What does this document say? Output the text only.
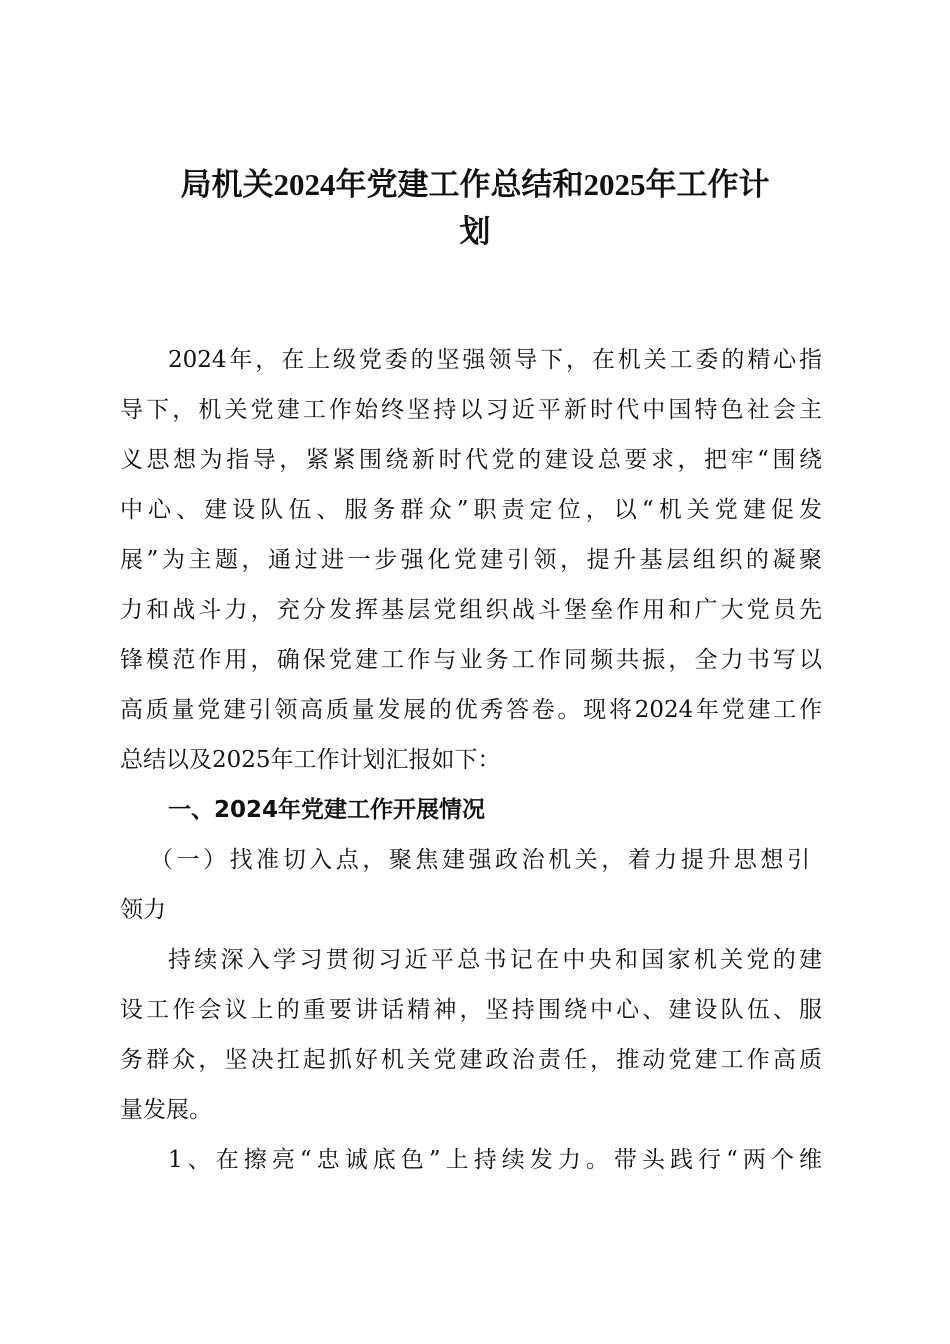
局机关2024年党建工作总结和2025年工作计
划
2024年，在上级党委的坚强领导下，在机关工委的精心指
导下，机关党建工作始终坚持以习近平新时代中国特色社会主
义思想为指导，紧紧围绕新时代党的建设总要求，把牢“围绕
中心、建设队伍、服务群众”职责定位，以“机关党建促发
展”为主题，通过进一步强化党建引领，提升基层组织的凝聚
力和战斗力，充分发挥基层党组织战斗堡垒作用和广大党员先
锋模范作用，确保党建工作与业务工作同频共振，全力书写以
高质量党建引领高质量发展的优秀答卷。现将2024年党建工作
总结以及2025年工作计划汇报如下：
一、2024年党建工作开展情况
（一）找准切入点，聚焦建强政治机关，着力提升思想引
领力
持续深入学习贯彻习近平总书记在中央和国家机关党的建
设工作会议上的重要讲话精神，坚持围绕中心、建设队伍、服
务群众，坚决扛起抓好机关党建政治责任，推动党建工作高质
量发展。
1、在擦亮“忠诚底色”上持续发力。带头践行“两个维
